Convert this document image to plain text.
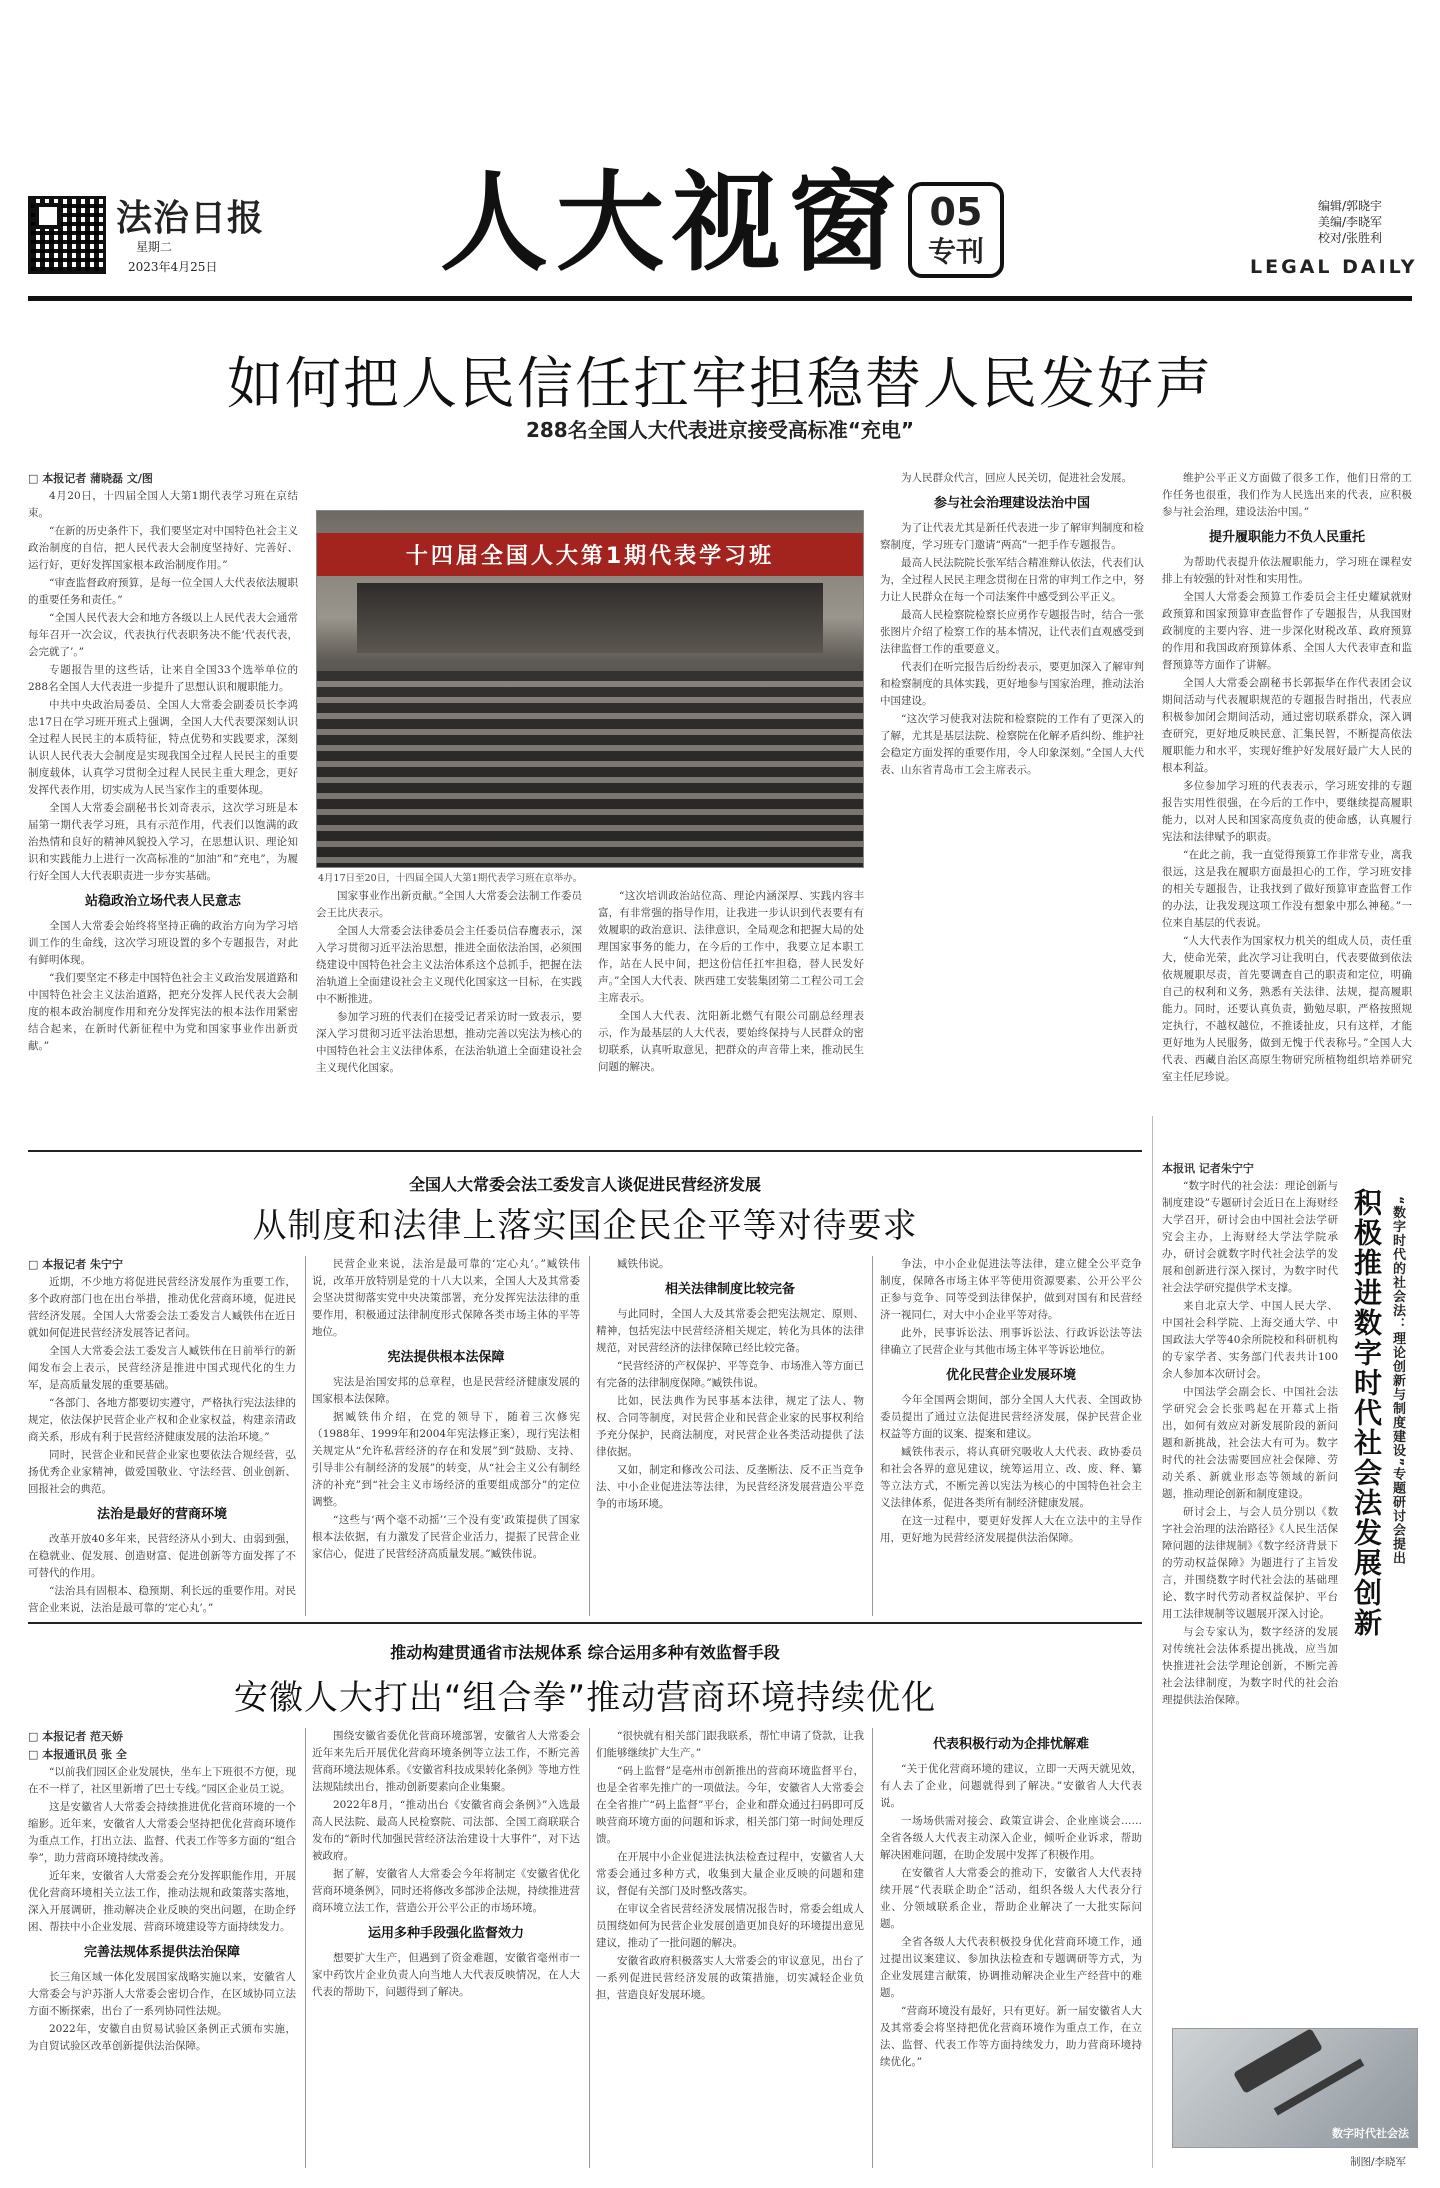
法治日报
星期二
2023年4月25日 人大视窗 05
专刊
编辑/郭晓宇
美编/李晓军
校对/张胜利
LEGAL DAILY
如何把人民信任扛牢担稳替人民发好声
288名全国人大代表进京接受高标准“充电”

□ 本报记者 蒲晓磊 文/图

4月20日，十四届全国人大第1期代表学习班在京结束。

“在新的历史条件下，我们要坚定对中国特色社会主义政治制度的自信，把人民代表大会制度坚持好、完善好、运行好，更好发挥国家根本政治制度作用。”

“审查监督政府预算，是每一位全国人大代表依法履职的重要任务和责任。”

“全国人民代表大会和地方各级以上人民代表大会通常每年召开一次会议，代表执行代表职务决不能‘代表代表，会完就了’。”

专题报告里的这些话，让来自全国33个选举单位的288名全国人大代表进一步提升了思想认识和履职能力。

中共中央政治局委员、全国人大常委会副委员长李鸿忠17日在学习班开班式上强调，全国人大代表要深刻认识全过程人民民主的本质特征，特点优势和实践要求，深刻认识人民代表大会制度是实现我国全过程人民民主的重要制度载体，认真学习贯彻全过程人民民主重大理念，更好发挥代表作用，切实成为人民当家作主的重要体现。

全国人大常委会副秘书长刘奇表示，这次学习班是本届第一期代表学习班，具有示范作用，代表们以饱满的政治热情和良好的精神风貌投入学习，在思想认识、理论知识和实践能力上进行一次高标准的“加油”和“充电”，为履行好全国人大代表职责进一步夯实基础。

站稳政治立场代表人民意志

全国人大常委会始终将坚持正确的政治方向为学习培训工作的生命线，这次学习班设置的多个专题报告，对此有鲜明体现。

“我们要坚定不移走中国特色社会主义政治发展道路和中国特色社会主义法治道路，把充分发挥人民代表大会制度的根本政治制度作用和充分发挥宪法的根本法作用紧密结合起来，在新时代新征程中为党和国家事业作出新贡献。”

十四届全国人大第1期代表学习班
4月17日至20日，十四届全国人大第1期代表学习班在京举办。

国家事业作出新贡献。”全国人大常委会法制工作委员会王比庆表示。

全国人大常委会法律委员会主任委员信春鹰表示，深入学习贯彻习近平法治思想，推进全面依法治国，必须围绕建设中国特色社会主义法治体系这个总抓手，把握在法治轨道上全面建设社会主义现代化国家这一目标，在实践中不断推进。

参加学习班的代表们在接受记者采访时一致表示，要深入学习贯彻习近平法治思想，推动完善以宪法为核心的中国特色社会主义法律体系，在法治轨道上全面建设社会主义现代化国家。

“这次培训政治站位高、理论内涵深厚、实践内容丰富，有非常强的指导作用，让我进一步认识到代表要有有效履职的政治意识、法律意识，全局观念和把握大局的处理国家事务的能力，在今后的工作中，我要立足本职工作，站在人民中间，把这份信任扛牢担稳，替人民发好声。”全国人大代表、陕西建工安装集团第二工程公司工会主席表示。

全国人大代表、沈阳新北燃气有限公司副总经理表示，作为最基层的人大代表，要始终保持与人民群众的密切联系，认真听取意见，把群众的声音带上来，推动民生问题的解决。

为人民群众代言，回应人民关切，促进社会发展。

参与社会治理建设法治中国

为了让代表尤其是新任代表进一步了解审判制度和检察制度，学习班专门邀请“两高”一把手作专题报告。

最高人民法院院长张军结合精准辩认依法，代表们认为，全过程人民民主理念贯彻在日常的审判工作之中，努力让人民群众在每一个司法案件中感受到公平正义。

最高人民检察院检察长应勇作专题报告时，结合一张张图片介绍了检察工作的基本情况，让代表们直观感受到法律监督工作的重要意义。

代表们在听完报告后纷纷表示，要更加深入了解审判和检察制度的具体实践，更好地参与国家治理，推动法治中国建设。

“这次学习使我对法院和检察院的工作有了更深入的了解，尤其是基层法院、检察院在化解矛盾纠纷、维护社会稳定方面发挥的重要作用，令人印象深刻。”全国人大代表、山东省青岛市工会主席表示。

维护公平正义方面做了很多工作，他们日常的工作任务也很重，我们作为人民选出来的代表，应积极参与社会治理，建设法治中国。”

提升履职能力不负人民重托

为帮助代表提升依法履职能力，学习班在课程安排上有较强的针对性和实用性。

全国人大常委会预算工作委员会主任史耀斌就财政预算和国家预算审查监督作了专题报告，从我国财政制度的主要内容、进一步深化财税改革、政府预算的作用和我国政府预算体系、全国人大代表审查和监督预算等方面作了讲解。

全国人大常委会副秘书长郭振华在作代表团会议期间活动与代表履职规范的专题报告时指出，代表应积极参加闭会期间活动，通过密切联系群众，深入调查研究，更好地反映民意、汇集民智，不断提高依法履职能力和水平，实现好维护好发展好最广大人民的根本利益。

多位参加学习班的代表表示，学习班安排的专题报告实用性很强，在今后的工作中，要继续提高履职能力，以对人民和国家高度负责的使命感，认真履行宪法和法律赋予的职责。

“在此之前，我一直觉得预算工作非常专业，离我很远，这是我在履职方面最担心的工作，学习班安排的相关专题报告，让我找到了做好预算审查监督工作的办法，让我发现这项工作没有想象中那么神秘。”一位来自基层的代表说。

“人大代表作为国家权力机关的组成人员，责任重大，使命光荣，此次学习让我明白，代表要做到依法依规履职尽责，首先要调查自己的职责和定位，明确自己的权利和义务，熟悉有关法律、法规，提高履职能力。同时，还要认真负责，勤勉尽职，严格按照规定执行，不越权越位，不推诿扯皮，只有这样，才能更好地为人民服务，做到无愧于代表称号。”全国人大代表、西藏自治区高原生物研究所植物组织培养研究室主任尼珍说。

全国人大常委会法工委发言人谈促进民营经济发展
从制度和法律上落实国企民企平等对待要求

□ 本报记者 朱宁宁

近期，不少地方将促进民营经济发展作为重要工作，多个政府部门也在出台举措，推动优化营商环境，促进民营经济发展。全国人大常委会法工委发言人臧铁伟在近日就如何促进民营经济发展答记者问。

全国人大常委会法工委发言人臧铁伟在日前举行的新闻发布会上表示，民营经济是推进中国式现代化的生力军，是高质量发展的重要基础。

“各部门、各地方都要切实遵守，严格执行宪法法律的规定，依法保护民营企业产权和企业家权益，构建亲清政商关系，形成有利于民营经济健康发展的法治环境。”

同时，民营企业和民营企业家也要依法合规经营，弘扬优秀企业家精神，做爱国敬业、守法经营、创业创新、回报社会的典范。

法治是最好的营商环境

改革开放40多年来，民营经济从小到大、由弱到强，在稳就业、促发展、创造财富、促进创新等方面发挥了不可替代的作用。

“法治具有固根本、稳预期、利长远的重要作用。对民营企业来说，法治是最可靠的‘定心丸’。”

民营企业来说，法治是最可靠的‘定心丸’。”臧铁伟说，改革开放特别是党的十八大以来，全国人大及其常委会坚决贯彻落实党中央决策部署，充分发挥宪法法律的重要作用，积极通过法律制度形式保障各类市场主体的平等地位。

宪法提供根本法保障

宪法是治国安邦的总章程，也是民营经济健康发展的国家根本法保障。

据臧铁伟介绍，在党的领导下，随着三次修宪（1988年、1999年和2004年宪法修正案），现行宪法相关规定从“允许私营经济的存在和发展”到“鼓励、支持、引导非公有制经济的发展”的转变，从“社会主义公有制经济的补充”到“社会主义市场经济的重要组成部分”的定位调整。

“这些与‘两个毫不动摇’‘三个没有变’政策提供了国家根本法依据，有力激发了民营企业活力，提振了民营企业家信心，促进了民营经济高质量发展。”臧铁伟说。

臧铁伟说。

相关法律制度比较完备

与此同时，全国人大及其常委会把宪法规定、原则、精神，包括宪法中民营经济相关规定，转化为具体的法律规范，对民营经济的法律保障已经比较完备。

“民营经济的产权保护、平等竞争、市场准入等方面已有完备的法律制度保障。”臧铁伟说。

比如，民法典作为民事基本法律，规定了法人、物权、合同等制度，对民营企业和民营企业家的民事权利给予充分保护，民商法制度，对民营企业各类活动提供了法律依据。

又如，制定和修改公司法、反垄断法、反不正当竞争法、中小企业促进法等法律，为民营经济发展营造公平竞争的市场环境。

争法，中小企业促进法等法律，建立健全公平竞争制度，保障各市场主体平等使用资源要素、公开公平公正参与竞争、同等受到法律保护，做到对国有和民营经济一视同仁，对大中小企业平等对待。

此外，民事诉讼法、刑事诉讼法、行政诉讼法等法律确立了民营企业与其他市场主体平等诉讼地位。

优化民营企业发展环境

今年全国两会期间，部分全国人大代表、全国政协委员提出了通过立法促进民营经济发展，保护民营企业权益等方面的议案、提案和建议。

臧铁伟表示，将认真研究吸收人大代表、政协委员和社会各界的意见建议，统筹运用立、改、废、释、纂等立法方式，不断完善以宪法为核心的中国特色社会主义法律体系，促进各类所有制经济健康发展。

在这一过程中，要更好发挥人大在立法中的主导作用，更好地为民营经济发展提供法治保障。

推动构建贯通省市法规体系 综合运用多种有效监督手段
安徽人大打出“组合拳”推动营商环境持续优化

□ 本报记者 范天娇

□ 本报通讯员 张 全

“以前我们园区企业发展快，坐车上下班很不方便，现在不一样了，社区里新增了巴士专线。”园区企业员工说。

这是安徽省人大常委会持续推进优化营商环境的一个缩影。近年来，安徽省人大常委会坚持把优化营商环境作为重点工作，打出立法、监督、代表工作等多方面的“组合拳”，助力营商环境持续改善。

近年来，安徽省人大常委会充分发挥职能作用，开展优化营商环境相关立法工作，推动法规和政策落实落地，深入开展调研，推动解决企业反映的突出问题，在助企纾困、帮扶中小企业发展、营商环境建设等方面持续发力。

完善法规体系提供法治保障

长三角区域一体化发展国家战略实施以来，安徽省人大常委会与沪苏浙人大常委会密切合作，在区域协同立法方面不断探索，出台了一系列协同性法规。

2022年，安徽自由贸易试验区条例正式颁布实施，为自贸试验区改革创新提供法治保障。

围绕安徽省委优化营商环境部署，安徽省人大常委会近年来先后开展优化营商环境条例等立法工作，不断完善营商环境法规体系。《安徽省科技成果转化条例》等地方性法规陆续出台，推动创新要素向企业集聚。

2022年8月，“推动出台《安徽省商会条例》”入选最高人民法院、最高人民检察院、司法部、全国工商联联合发布的“新时代加强民营经济法治建设十大事件”，对下达被政府。

据了解，安徽省人大常委会今年将制定《安徽省优化营商环境条例》，同时还将修改多部涉企法规，持续推进营商环境立法工作，营造公开公平公正的市场环境。

运用多种手段强化监督效力

想要扩大生产，但遇到了资金难题，安徽省毫州市一家中药饮片企业负责人向当地人大代表反映情况，在人大代表的帮助下，问题得到了解决。

“很快就有相关部门跟我联系，帮忙申请了贷款，让我们能够继续扩大生产。”

“码上监督”是亳州市创新推出的营商环境监督平台，也是全省率先推广的一项做法。今年，安徽省人大常委会在全省推广“码上监督”平台，企业和群众通过扫码即可反映营商环境方面的问题和诉求，相关部门第一时间处理反馈。

在开展中小企业促进法执法检查过程中，安徽省人大常委会通过多种方式，收集到大量企业反映的问题和建议，督促有关部门及时整改落实。

在审议全省民营经济发展情况报告时，常委会组成人员围绕如何为民营企业发展创造更加良好的环境提出意见建议，推动了一批问题的解决。

安徽省政府积极落实人大常委会的审议意见，出台了一系列促进民营经济发展的政策措施，切实减轻企业负担，营造良好发展环境。

代表积极行动为企排忧解难

“关于优化营商环境的建议，立即一天两天就见效，有人去了企业，问题就得到了解决。”安徽省人大代表说。

一场场供需对接会、政策宣讲会、企业座谈会……全省各级人大代表主动深入企业，倾听企业诉求，帮助解决困难问题，在助企发展中发挥了积极作用。

在安徽省人大常委会的推动下，安徽省人大代表持续开展“代表联企助企”活动，组织各级人大代表分行业、分领域联系企业，帮助企业解决了一大批实际问题。

全省各级人大代表积极投身优化营商环境工作，通过提出议案建议、参加执法检查和专题调研等方式，为企业发展建言献策，协调推动解决企业生产经营中的难题。

“营商环境没有最好，只有更好。新一届安徽省人大及其常委会将坚持把优化营商环境作为重点工作，在立法、监督、代表工作等方面持续发力，助力营商环境持续优化。”

本报讯 记者朱宁宁

“数字时代的社会法：理论创新与制度建设”专题研讨会近日在上海财经大学召开，研讨会由中国社会法学研究会主办，上海财经大学法学院承办，研讨会就数字时代社会法学的发展和创新进行深入探讨，为数字时代社会法学研究提供学术支撑。

来自北京大学、中国人民大学、中国社会科学院、上海交通大学、中国政法大学等40余所院校和科研机构的专家学者、实务部门代表共计100余人参加本次研讨会。

中国法学会副会长、中国社会法学研究会会长张鸣起在开幕式上指出，如何有效应对新发展阶段的新问题和新挑战，社会法大有可为。数字时代的社会法需要回应社会保障、劳动关系、新就业形态等领域的新问题，推动理论创新和制度建设。

研讨会上，与会人员分别以《数字社会治理的法治路径》《人民生活保障问题的法律规制》《数字经济背景下的劳动权益保障》为题进行了主旨发言，并围绕数字时代社会法的基础理论、数字时代劳动者权益保护、平台用工法律规制等议题展开深入讨论。

与会专家认为，数字经济的发展对传统社会法体系提出挑战，应当加快推进社会法学理论创新，不断完善社会法律制度，为数字时代的社会治理提供法治保障。

积极推进数字时代社会法发展创新 “数字时代的社会法：理论创新与制度建设”专题研讨会提出
数字时代社会法
制图/李晓军
